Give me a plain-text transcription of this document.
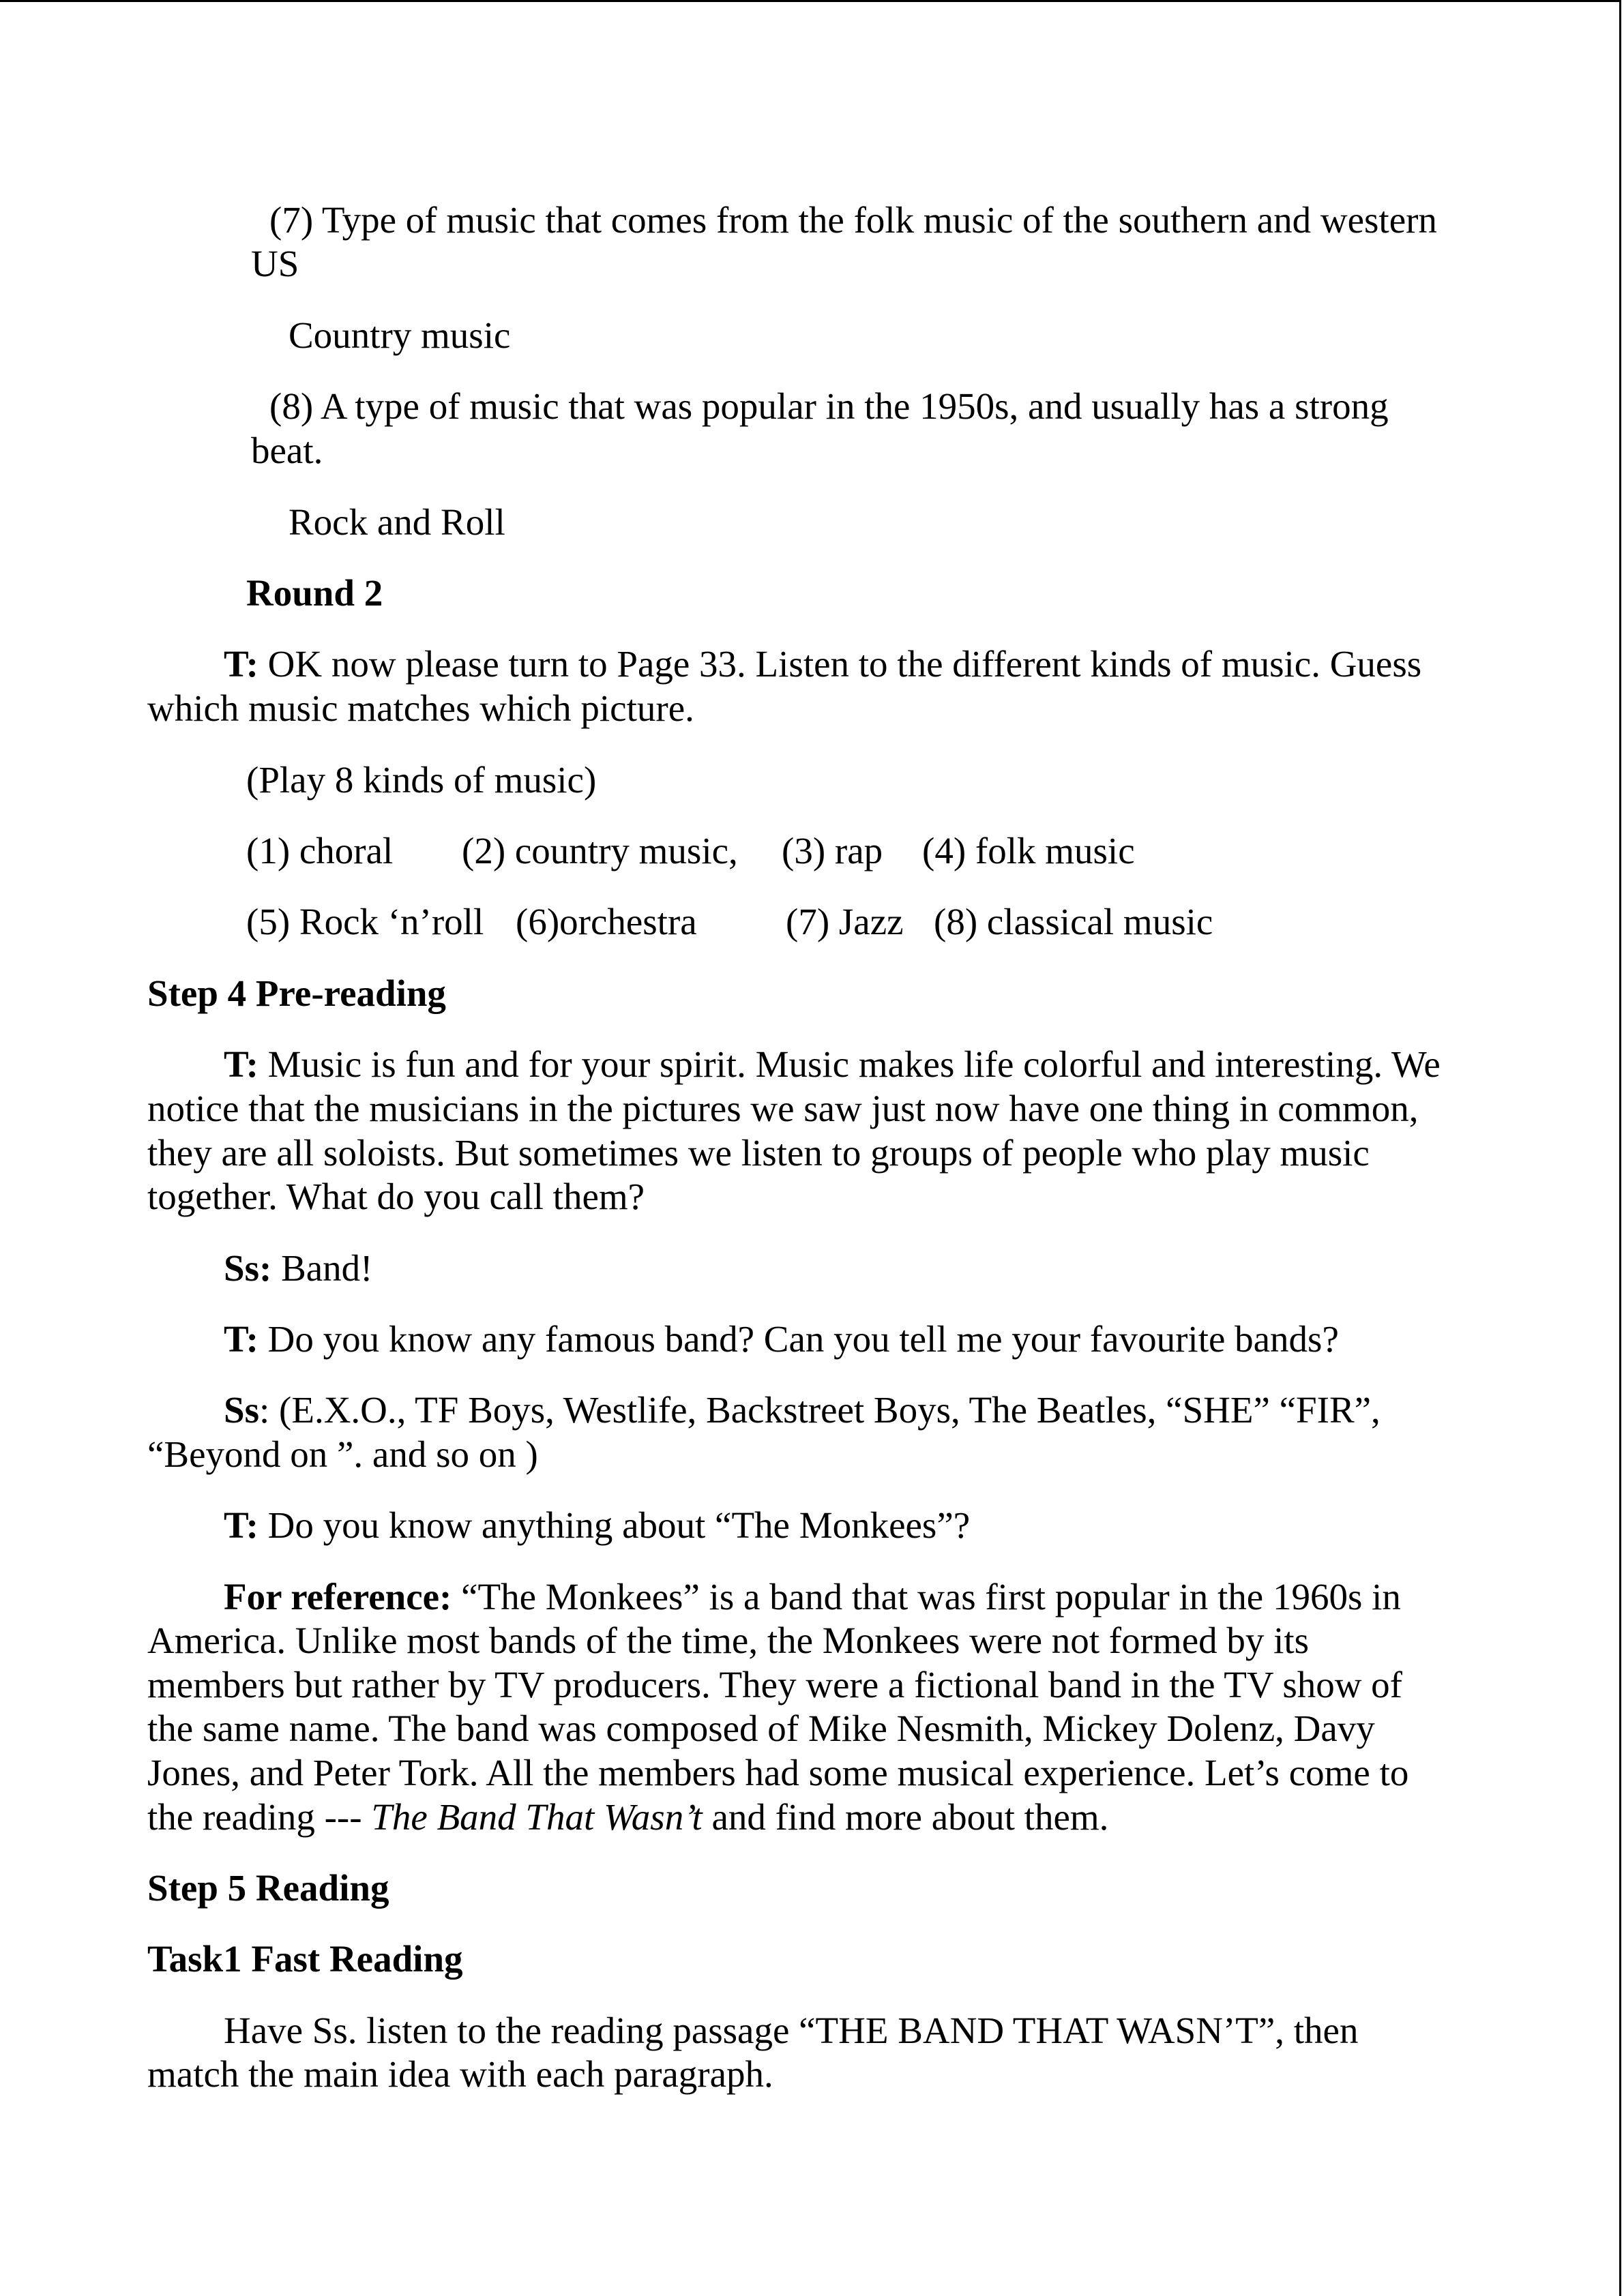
(7) Type of music that comes from the folk music of the southern and western

US

Country music

(8) A type of music that was popular in the 1950s, and usually has a strong

beat.

Rock and Roll

Round 2

T: OK now please turn to Page 33. Listen to the different kinds of music. Guess

which music matches which picture.

(Play 8 kinds of music)

(1) choral (2) country music, (3) rap (4) folk music

(5) Rock ‘n’roll (6)orchestra (7) Jazz (8) classical music

Step 4 Pre-reading

T: Music is fun and for your spirit. Music makes life colorful and interesting. We

notice that the musicians in the pictures we saw just now have one thing in common,

they are all soloists. But sometimes we listen to groups of people who play music

together. What do you call them?

Ss: Band!

T: Do you know any famous band? Can you tell me your favourite bands?

Ss: (E.X.O., TF Boys, Westlife, Backstreet Boys, The Beatles, “SHE” “FIR”,

“Beyond on ”. and so on )

T: Do you know anything about “The Monkees”?

For reference: “The Monkees” is a band that was first popular in the 1960s in

America. Unlike most bands of the time, the Monkees were not formed by its

members but rather by TV producers. They were a fictional band in the TV show of

the same name. The band was composed of Mike Nesmith, Mickey Dolenz, Davy

Jones, and Peter Tork. All the members had some musical experience. Let’s come to

the reading --- The Band That Wasn’t and find more about them.

Step 5 Reading

Task1 Fast Reading

Have Ss. listen to the reading passage “THE BAND THAT WASN’T”, then

match the main idea with each paragraph.
